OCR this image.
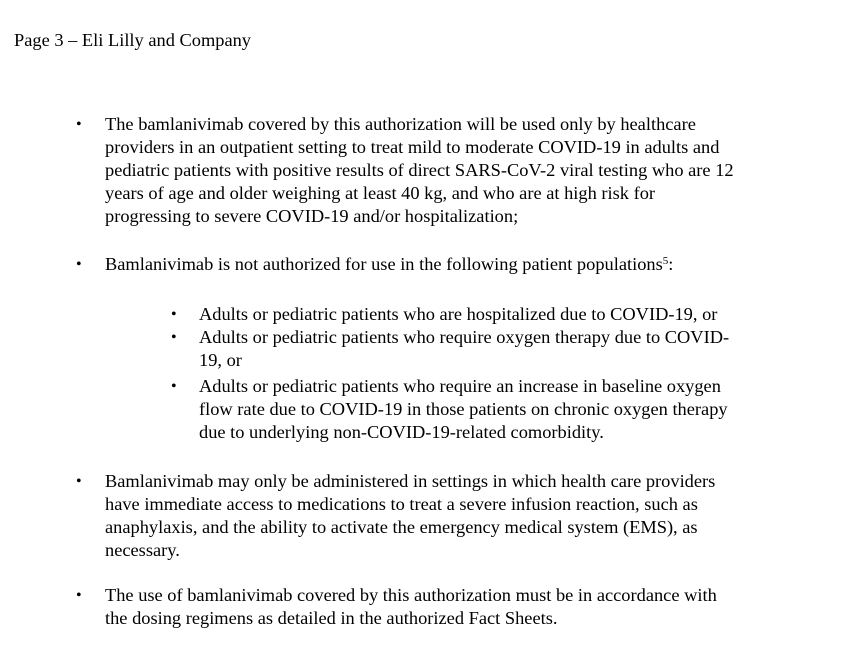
Page 3 – Eli Lilly and Company
• The bamlanivimab covered by this authorization will be used only by healthcare
providers in an outpatient setting to treat mild to moderate COVID-19 in adults and
pediatric patients with positive results of direct SARS-CoV-2 viral testing who are 12
years of age and older weighing at least 40 kg, and who are at high risk for
progressing to severe COVID-19 and/or hospitalization;
• Bamlanivimab is not authorized for use in the following patient populations$^5$:
• Adults or pediatric patients who are hospitalized due to COVID-19, or
• Adults or pediatric patients who require oxygen therapy due to COVID-
19, or
• Adults or pediatric patients who require an increase in baseline oxygen
flow rate due to COVID-19 in those patients on chronic oxygen therapy
due to underlying non-COVID-19-related comorbidity.
• Bamlanivimab may only be administered in settings in which health care providers
have immediate access to medications to treat a severe infusion reaction, such as
anaphylaxis, and the ability to activate the emergency medical system (EMS), as
necessary.
• The use of bamlanivimab covered by this authorization must be in accordance with
the dosing regimens as detailed in the authorized Fact Sheets.
